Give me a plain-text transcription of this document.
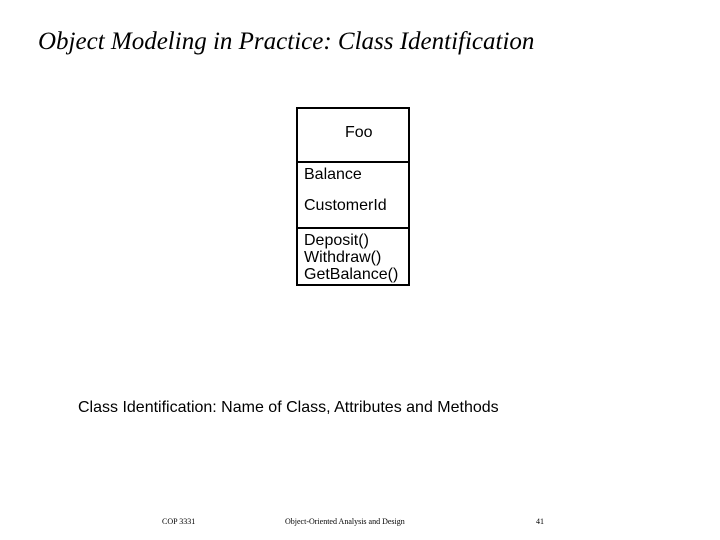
Object Modeling in Practice: Class Identification
Foo
Balance
CustomerId
Deposit()
Withdraw()
GetBalance()
Class Identification: Name of Class, Attributes and Methods
COP 3331	Object-Oriented Analysis and Design	41
